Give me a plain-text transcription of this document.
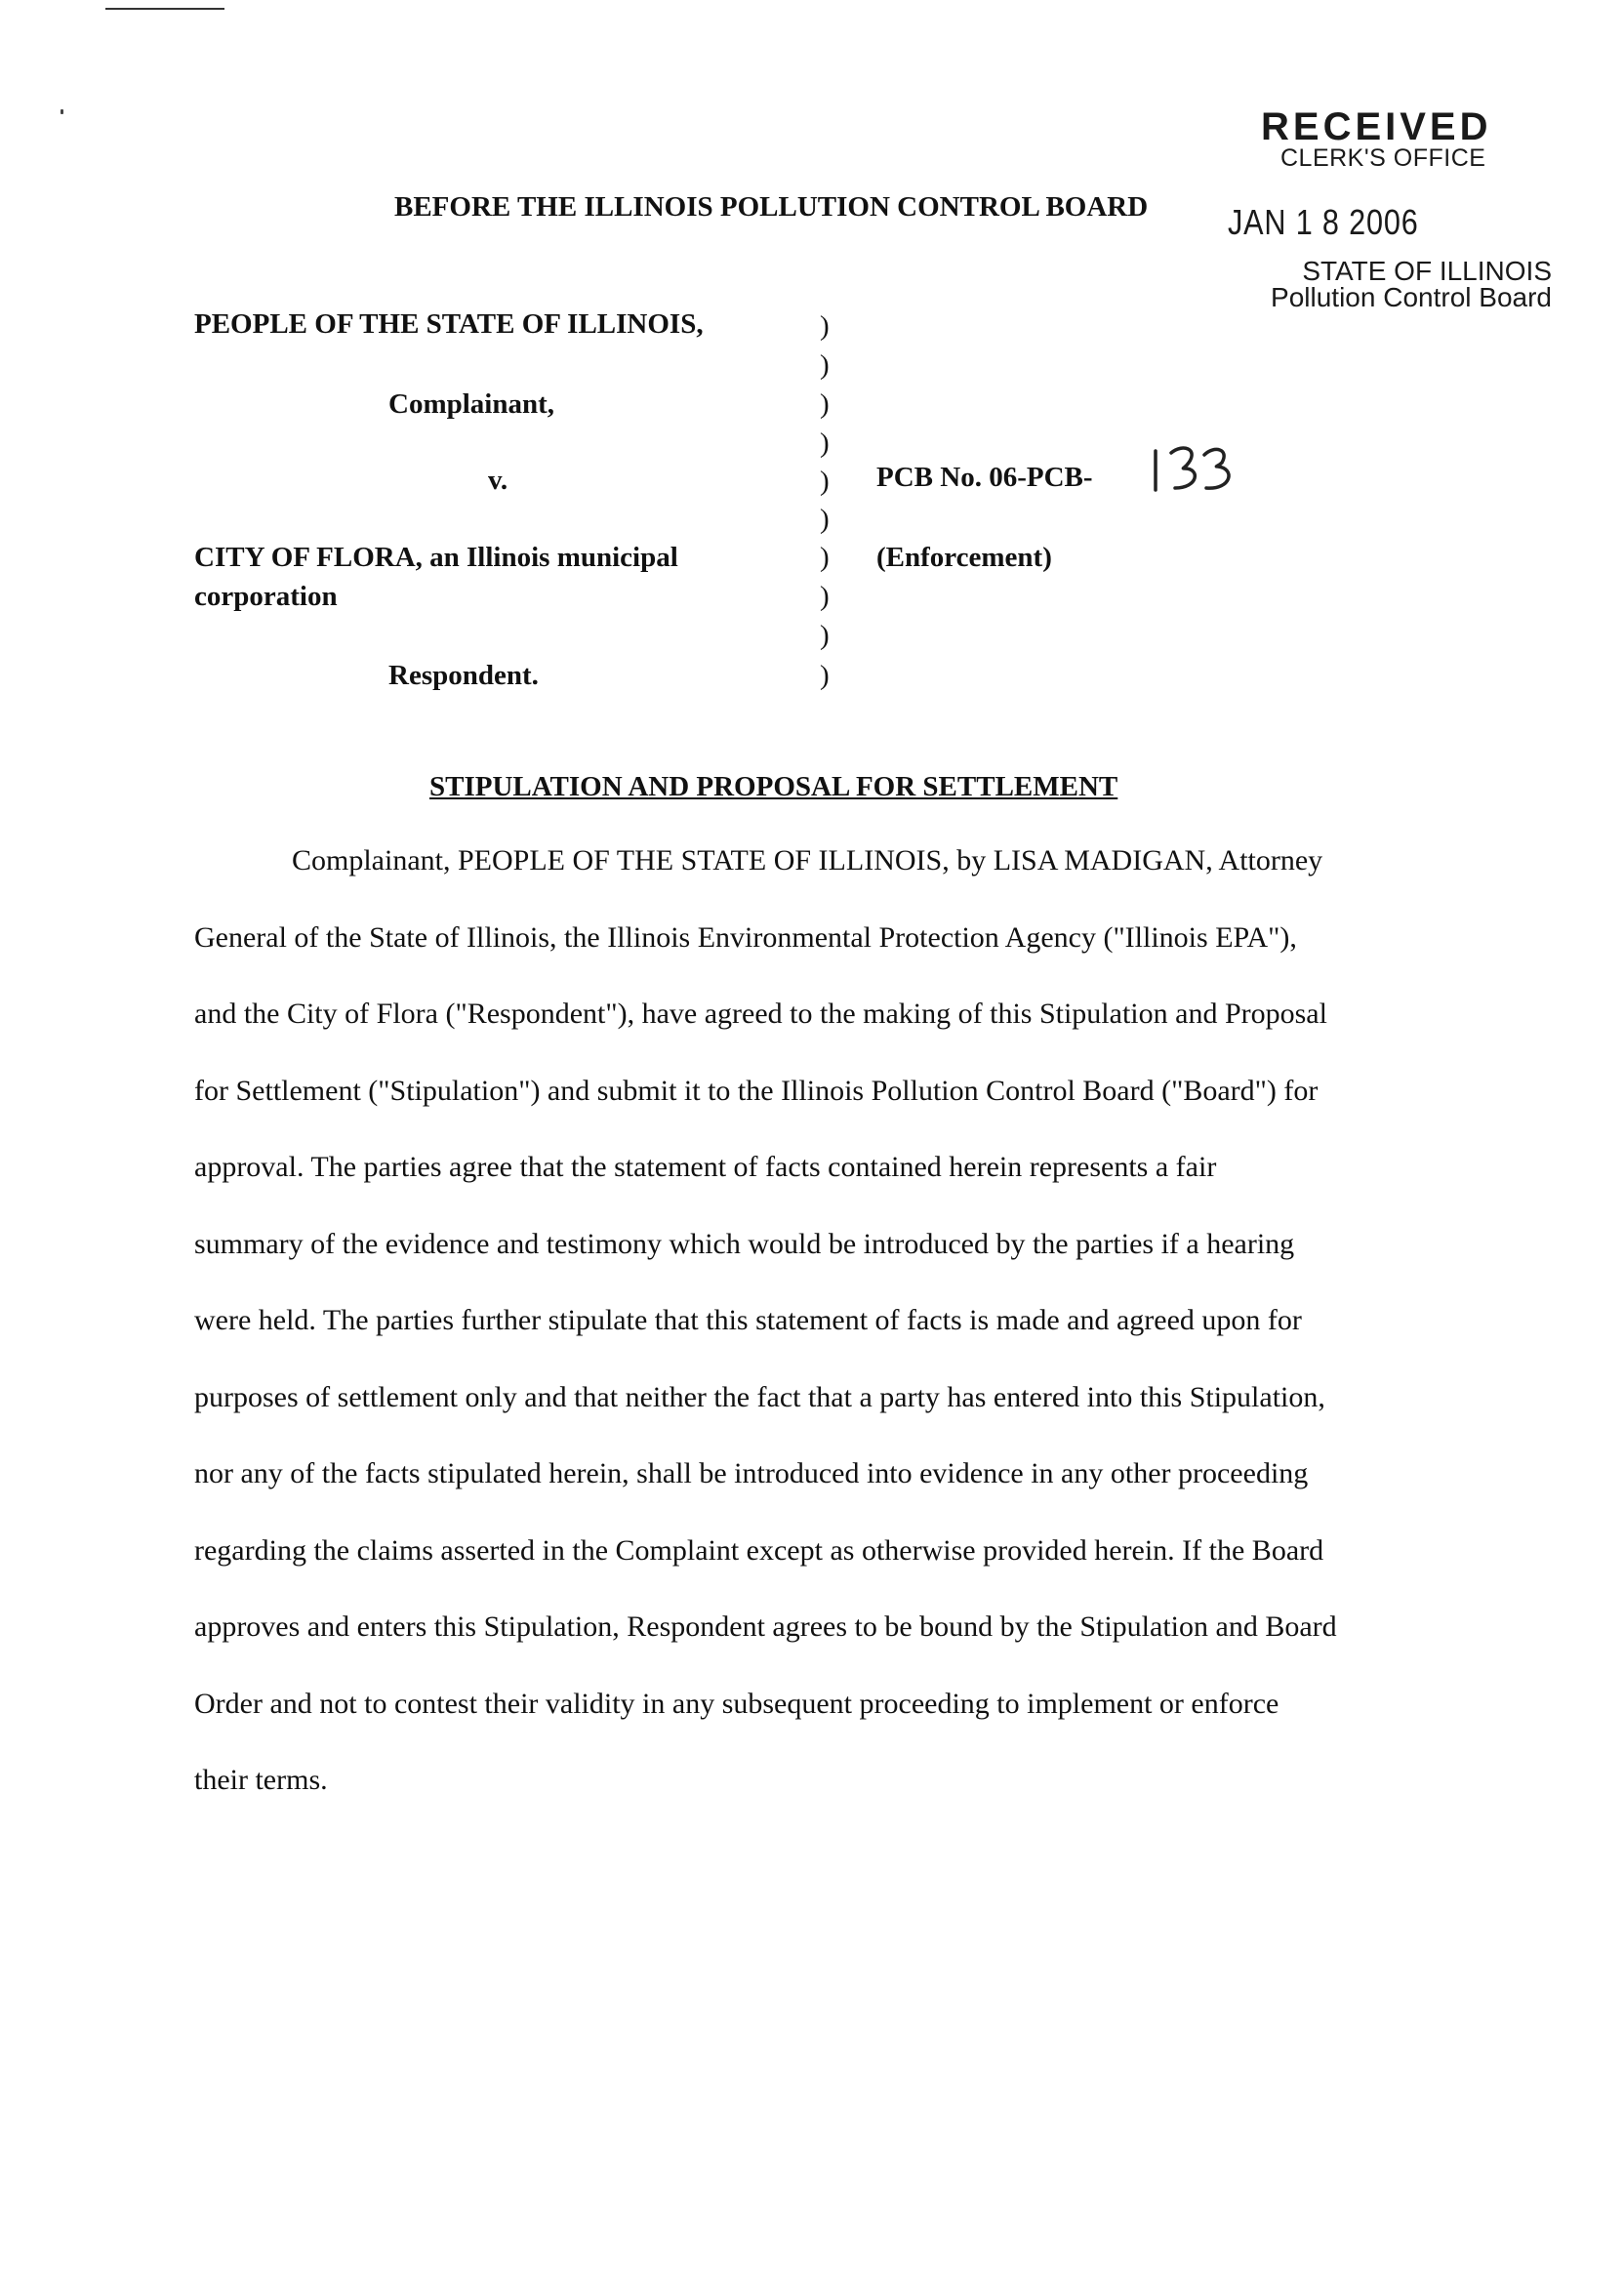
RECEIVED
CLERK'S OFFICE
JAN 1 8 2006
STATE OF ILLINOIS
Pollution Control Board
BEFORE THE ILLINOIS POLLUTION CONTROL BOARD
PEOPLE OF THE STATE OF ILLINOIS,
Complainant,
v.
CITY OF FLORA, an Illinois municipal
corporation
Respondent.
)
)
)
)
)
)
)
)
)
)
PCB No. 06-PCB-
(Enforcement)
STIPULATION AND PROPOSAL FOR SETTLEMENT
Complainant, PEOPLE OF THE STATE OF ILLINOIS, by LISA MADIGAN, Attorney
General of the State of Illinois, the Illinois Environmental Protection Agency ("Illinois EPA"),
and the City of Flora ("Respondent"), have agreed to the making of this Stipulation and Proposal
for Settlement ("Stipulation") and submit it to the Illinois Pollution Control Board ("Board") for
approval. The parties agree that the statement of facts contained herein represents a fair
summary of the evidence and testimony which would be introduced by the parties if a hearing
were held. The parties further stipulate that this statement of facts is made and agreed upon for
purposes of settlement only and that neither the fact that a party has entered into this Stipulation,
nor any of the facts stipulated herein, shall be introduced into evidence in any other proceeding
regarding the claims asserted in the Complaint except as otherwise provided herein. If the Board
approves and enters this Stipulation, Respondent agrees to be bound by the Stipulation and Board
Order and not to contest their validity in any subsequent proceeding to implement or enforce
their terms.
